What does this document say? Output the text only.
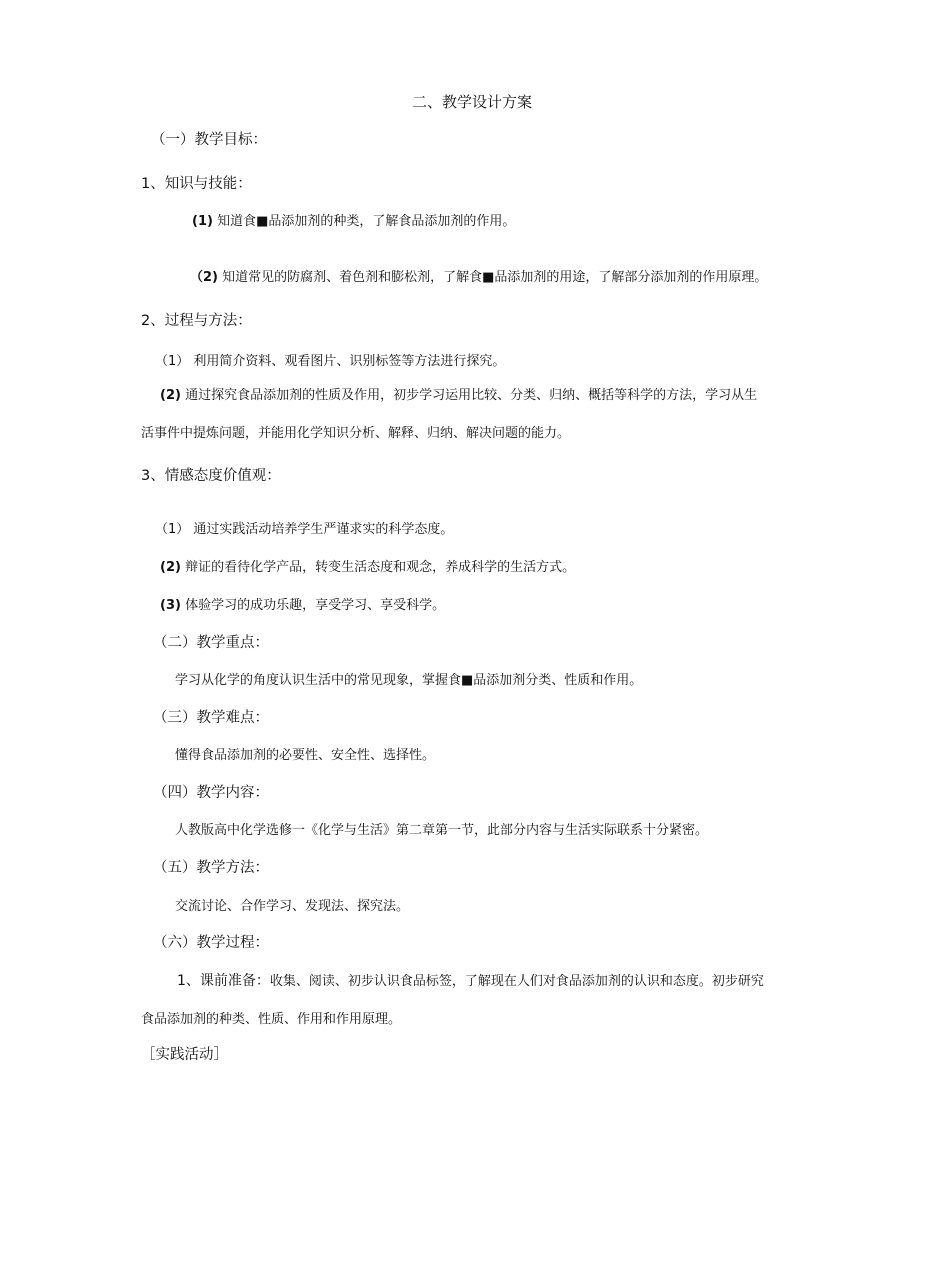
二、教学设计方案
（一）教学目标：
1、知识与技能：
(1) 知道食■品添加剂的种类，了解食品添加剂的作用。
（2) 知道常见的防腐剂、着色剂和膨松剂，了解食■品添加剂的用途，了解部分添加剂的作用原理。
2、过程与方法：
（1） 利用简介资料、观看图片、识别标签等方法进行探究。
(2) 通过探究食品添加剂的性质及作用，初步学习运用比较、分类、归纳、概括等科学的方法，学习从生
活事件中提炼问题，并能用化学知识分析、解释、归纳、解决问题的能力。
3、情感态度价值观：
（1） 通过实践活动培养学生严谨求实的科学态度。
(2) 辩证的看待化学产品，转变生活态度和观念，养成科学的生活方式。
(3) 体验学习的成功乐趣，享受学习、享受科学。
（二）教学重点：
学习从化学的角度认识生活中的常见现象，掌握食■品添加剂分类、性质和作用。
（三）教学难点：
懂得食品添加剂的必要性、安全性、选择性。
（四）教学内容：
人教版高中化学选修一《化学与生活》第二章第一节，此部分内容与生活实际联系十分紧密。
（五）教学方法：
交流讨论、合作学习、发现法、探究法。
（六）教学过程：
1、课前准备：收集、阅读、初步认识食品标签，了解现在人们对食品添加剂的认识和态度。初步研究
食品添加剂的种类、性质、作用和作用原理。
［实践活动］
